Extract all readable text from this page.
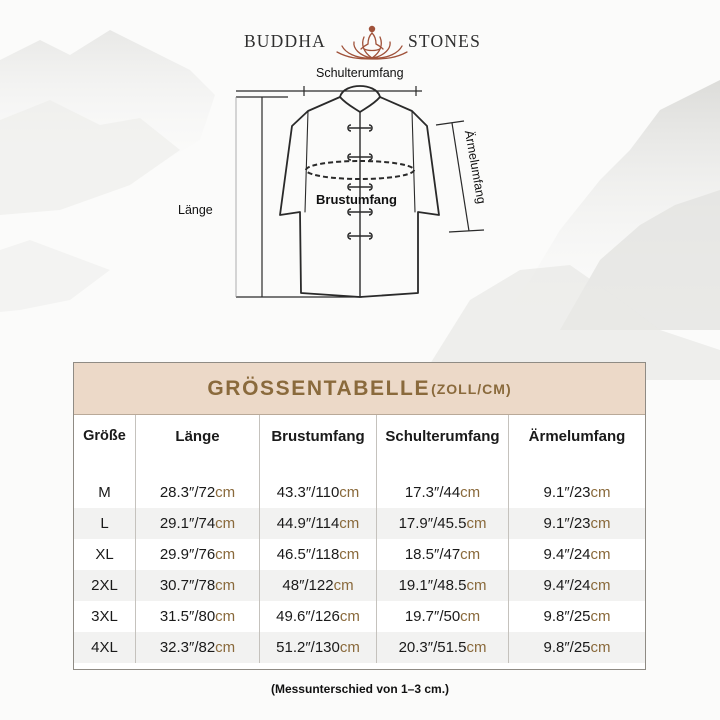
BUDDHA	STONES
Schulterumfang
Ärmelumfang
Brustumfang
Länge
GRÖSSENTABELLE (ZOLL/CM)
Größe	Länge	Brustumfang	Schulterumfang	Ärmelumfang
M	28.3″/72 cm	43.3″/110 cm	17.3″/44 cm	9.1″/23 cm
L	29.1″/74 cm	44.9″/114 cm	17.9″/45.5 cm	9.1″/23 cm
XL	29.9″/76 cm	46.5″/118 cm	18.5″/47 cm	9.4″/24 cm
2XL	30.7″/78 cm	48″/122 cm	19.1″/48.5 cm	9.4″/24 cm
3XL	31.5″/80 cm	49.6″/126 cm	19.7″/50 cm	9.8″/25 cm
4XL	32.3″/82 cm	51.2″/130 cm	20.3″/51.5 cm	9.8″/25 cm
(Messunterschied von 1–3 cm.)
